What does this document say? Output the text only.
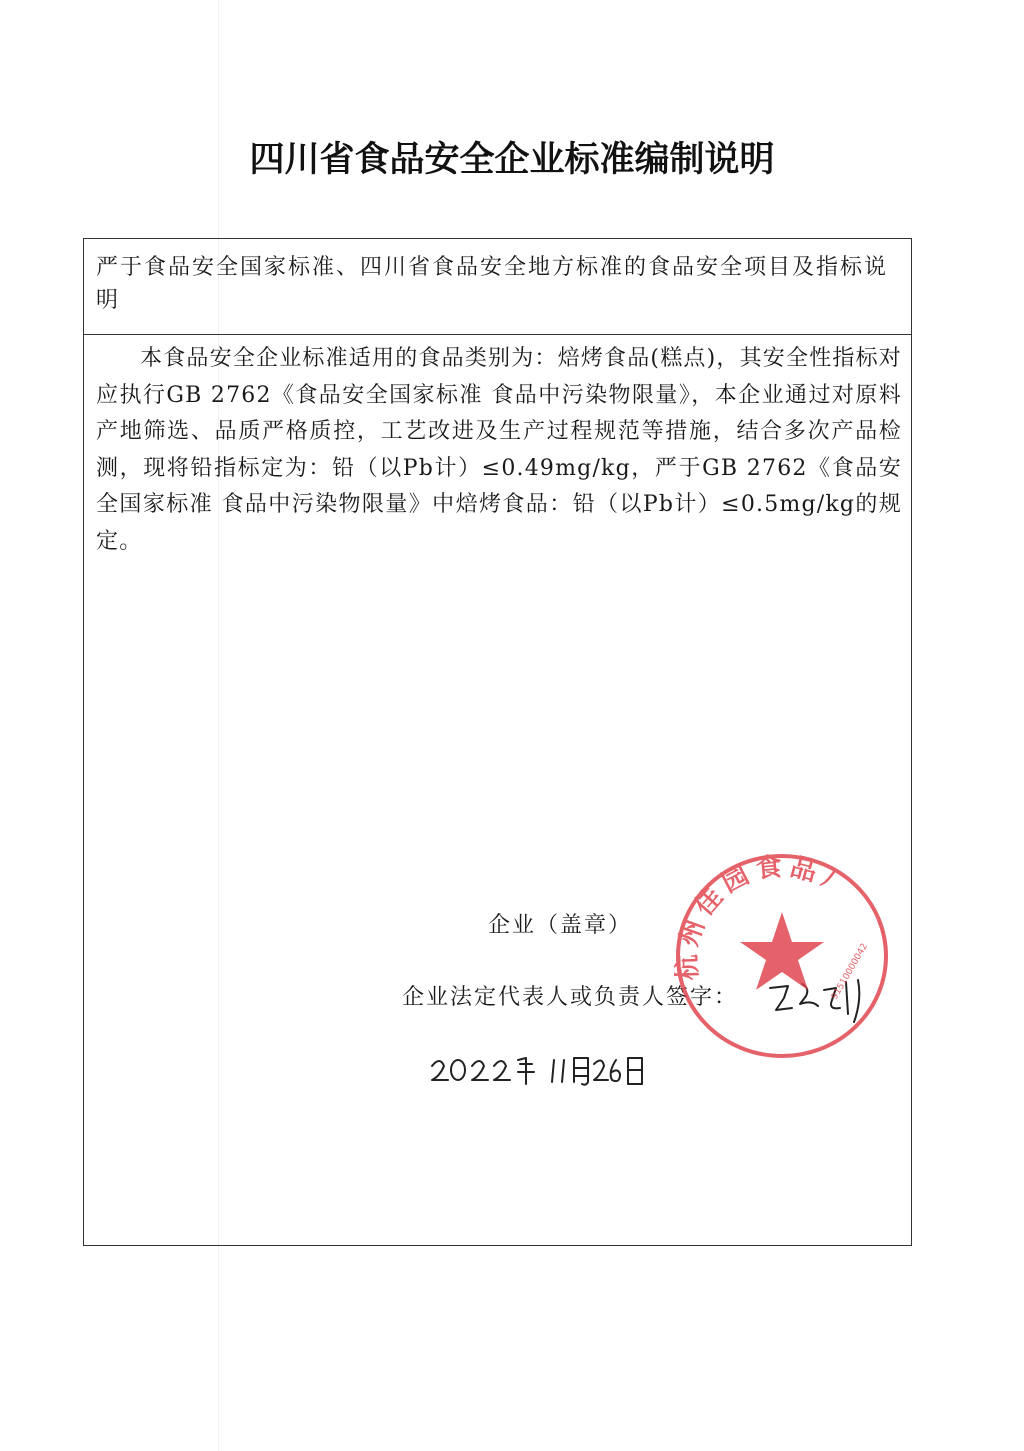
四川省食品安全企业标准编制说明
严于食品安全国家标准、四川省食品安全地方标准的食品安全项目及指标说明

本食品安全企业标准适用的食品类别为：焙烤食品(糕点)，其安全性指标对应执行GB 2762《食品安全国家标准 食品中污染物限量》，本企业通过对原料产地筛选、品质严格质控，工艺改进及生产过程规范等措施，结合多次产品检测，现将铅指标定为：铅（以Pb计）≤0.49mg/kg，严于GB 2762《食品安全国家标准 食品中污染物限量》中焙烤食品：铅（以Pb计）≤0.5mg/kg的规定。

企业（盖章）
企业法定代表人或负责人签字：
杭州佳园食品厂
91510000042
